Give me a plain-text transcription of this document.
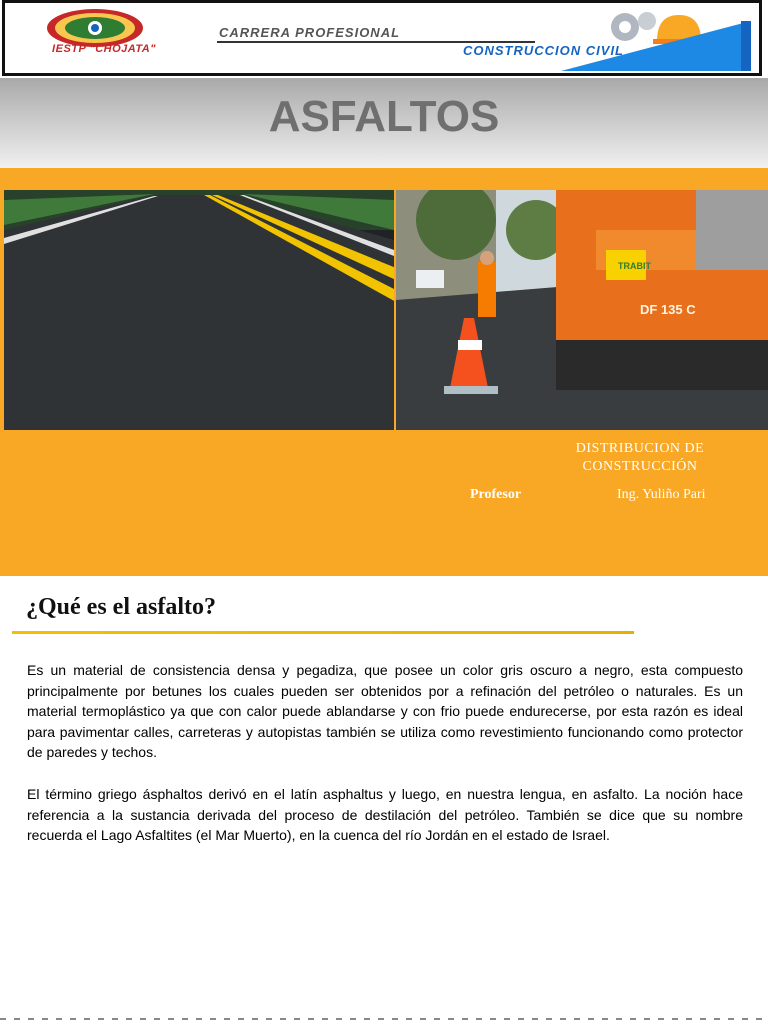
IESTP "CHOJATA"
CARRERA PROFESIONAL
CONSTRUCCION CIVIL
ASFALTOS
TRABIT
DF 135 C
DISTRIBUCION DE
CONSTRUCCIÓN
Profesor	Ing. Yuliño Pari
¿Qué es el asfalto?

Es un material de consistencia densa y pegadiza, que posee un color gris oscuro a negro, esta compuesto principalmente por betunes los cuales pueden ser obtenidos por a refinación del petróleo o naturales. Es un material termoplástico ya que con calor puede ablandarse y con frio puede endurecerse, por esta razón es ideal para pavimentar calles, carreteras y autopistas también se utiliza como revestimiento funcionando como protector de paredes y techos.

El término griego ásphaltos derivó en el latín asphaltus y luego, en nuestra lengua, en asfalto. La noción hace referencia a la sustancia derivada del proceso de destilación del petróleo. También se dice que su nombre recuerda el Lago Asfaltites (el Mar Muerto), en la cuenca del río Jordán en el estado de Israel.
